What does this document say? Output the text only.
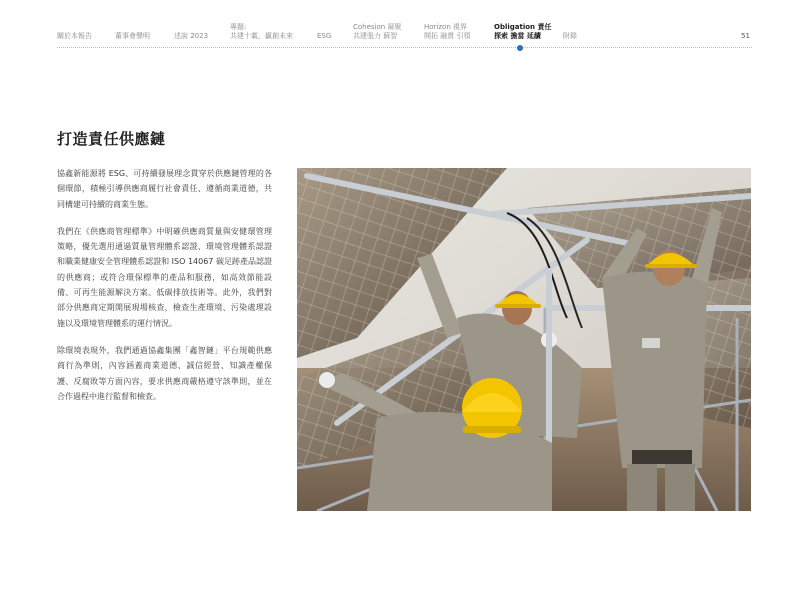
關於本報告	董事會聲明	述說 2023
專題:
共建十載，贏創未來	ESG
Cohesion 凝聚
共建張力 蘇智
Horizon 視界
開拓 融貫 引領
Obligation 責任
探索 擔當 延續	附錄	51
打造責任供應鏈

協鑫新能源將 ESG、可持續發展理念貫穿於供應鏈管理的各個環節，積極引導供應商履行社會責任、遵循商業道德，共同構建可持續的商業生態。

我們在《供應商管理標準》中明確供應商質量與安健環管理策略，優先選用通過質量管理體系認證、環境管理體系認證和職業健康安全管理體系認證和 ISO 14067 碳足跡產品認證的供應商；或符合環保標準的產品和服務，如高效節能設備、可再生能源解決方案、低碳排放技術等。此外，我們對部分供應商定期開展現場核查，檢查生產環境、污染處理設施以及環境管理體系的運行情況。

除環境表現外，我們通過協鑫集團「鑫智鏈」平台規範供應商行為準則，內容涵蓋商業道德、誠信經營、知識產權保護、反腐敗等方面內容，要求供應商嚴格遵守該準則，並在合作過程中進行監督和檢查。
